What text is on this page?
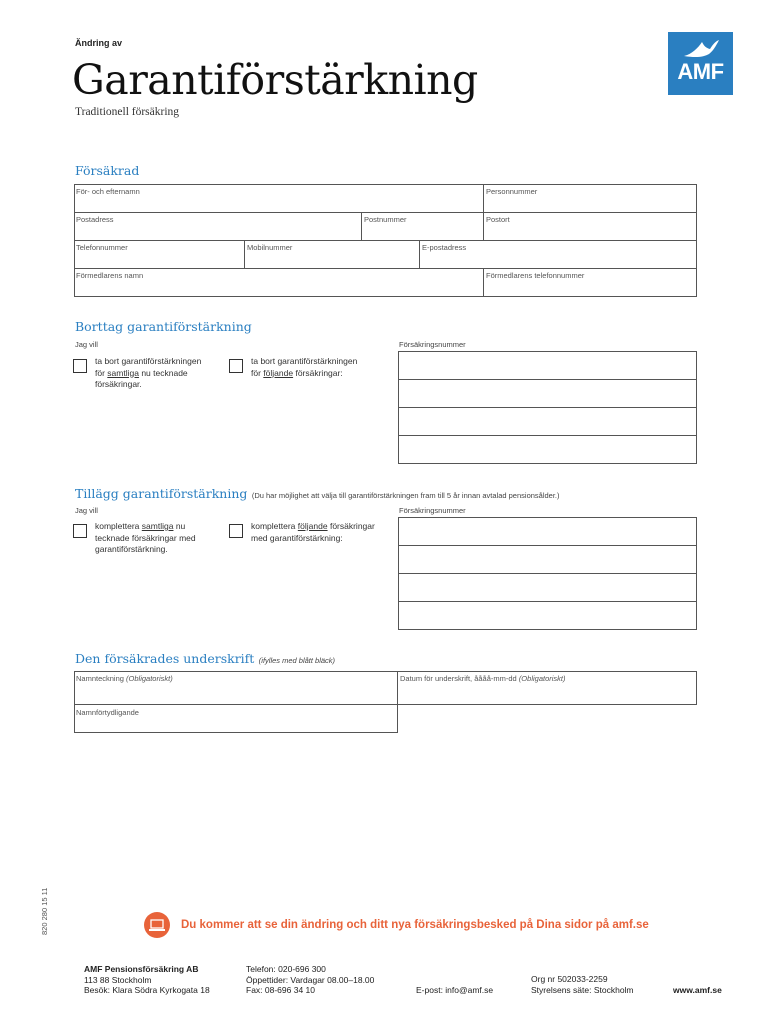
Ändring av
Garantiförstärkning
Traditionell försäkring
AMF
Försäkrad
För- och efternamn	Personnummer
Postadress	Postnummer	Postort
Telefonnummer	Mobilnummer	E-postadress
Förmedlarens namn	Förmedlarens telefonnummer
Borttag garantiförstärkning
Jag vill	Försäkringsnummer
ta bort garantiförstärkningen
för samtliga nu tecknade
försäkringar.
ta bort garantiförstärkningen
för följande försäkringar:
Tillägg garantiförstärkning (Du har möjlighet att välja till garantiförstärkningen fram till 5 år innan avtalad pensionsålder.)
Jag vill	Försäkringsnummer
komplettera samtliga nu
tecknade försäkringar med
garantiförstärkning.
komplettera följande försäkringar
med garantiförstärkning:
Den försäkrades underskrift (ifylles med blått bläck)
Namnteckning (Obligatoriskt)	Datum för underskrift, åååå-mm-dd (Obligatoriskt)
Namnförtydligande
820 280 15 11	Du kommer att se din ändring och ditt nya försäkringsbesked på Dina sidor på amf.se
AMF Pensionsförsäkring AB
113 88 Stockholm
Besök: Klara Södra Kyrkogata 18
Telefon: 020-696 300
Öppettider: Vardagar 08.00–18.00
Fax: 08-696 34 10	E-post: info@amf.se
Org nr 502033-2259
Styrelsens säte: Stockholm	www.amf.se
